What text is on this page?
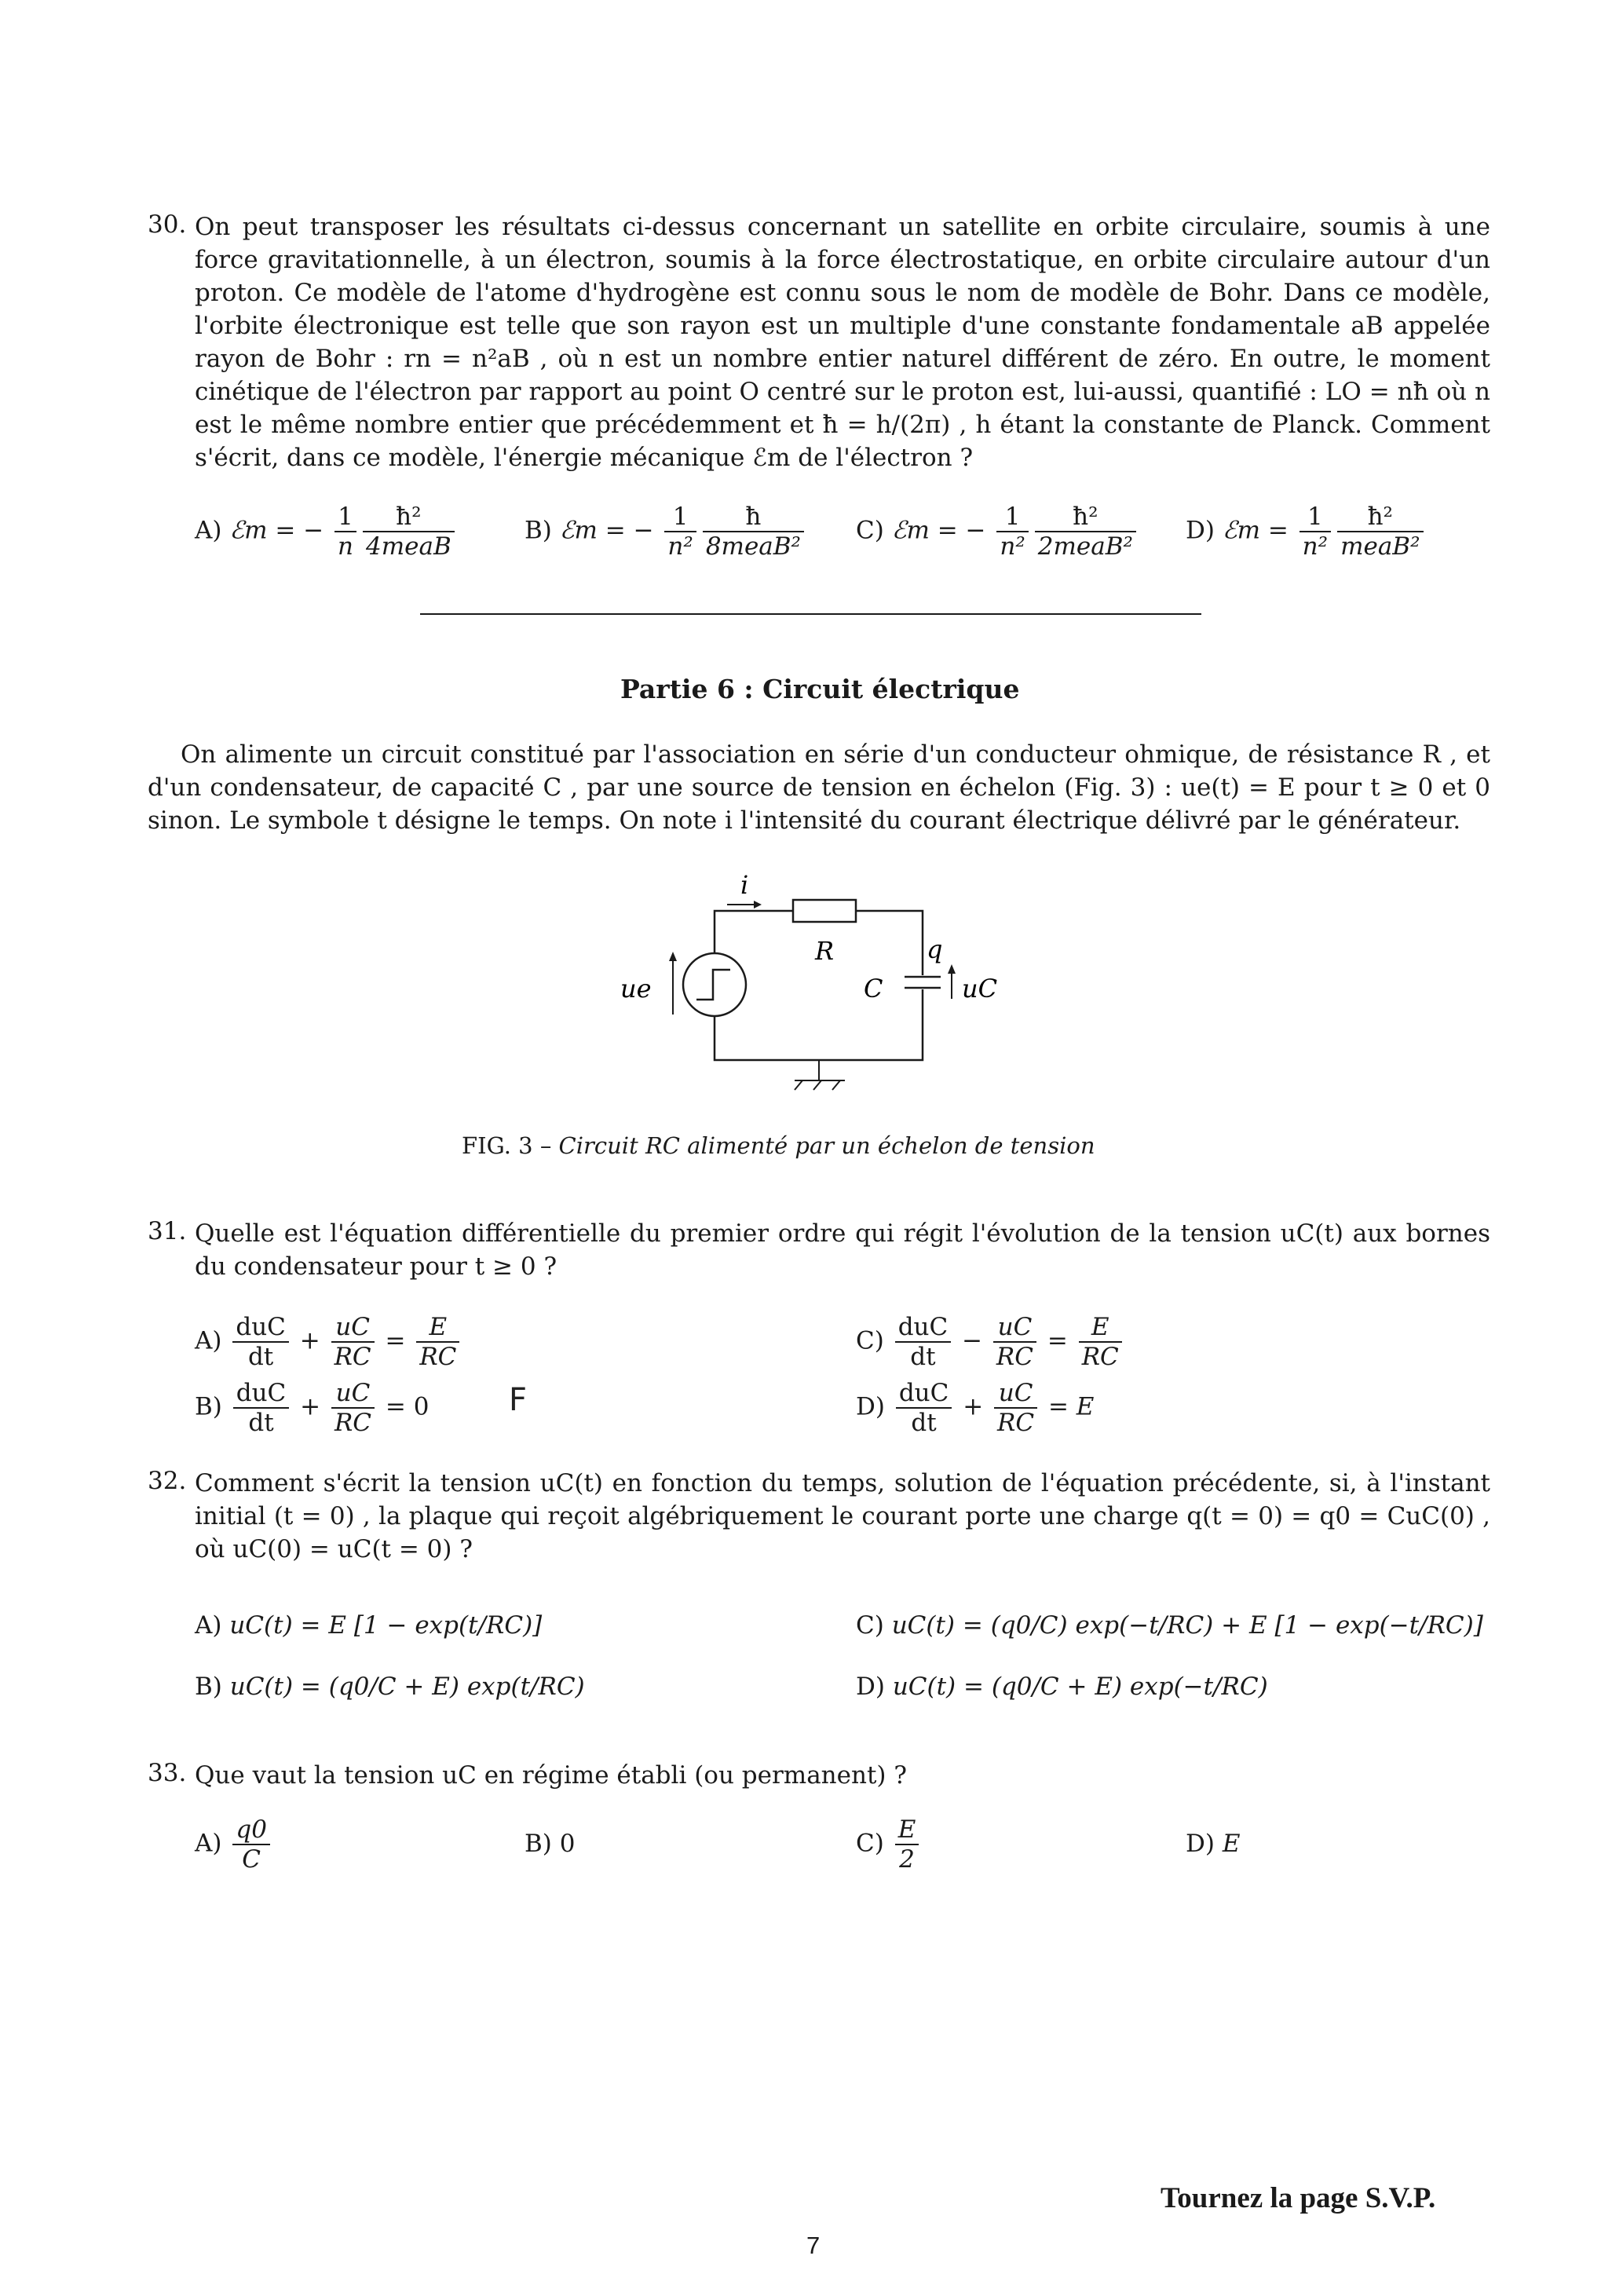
30. On peut transposer les résultats ci-dessus concernant un satellite en orbite circulaire, soumis à une force gravitationnelle, à un électron, soumis à la force électrostatique, en orbite circulaire autour d'un proton. Ce modèle de l'atome d'hydrogène est connu sous le nom de modèle de Bohr. Dans ce modèle, l'orbite électronique est telle que son rayon est un multiple d'une constante fondamentale aB appelée rayon de Bohr : rn = n²aB , où n est un nombre entier naturel différent de zéro. En outre, le moment cinétique de l'électron par rapport au point O centré sur le proton est, lui-aussi, quantifié : LO = nħ où n est le même nombre entier que précédemment et ħ = h/(2π) , h étant la constante de Planck. Comment s'écrit, dans ce modèle, l'énergie mécanique ℰm de l'électron ?
A) ℰm = − $\frac{1}{n} \frac{\text{ħ²}}{\text{4meaB}}$	B) ℰm = − $\frac{1}{\text{n²}} \frac{ħ}{\text{8meaB²}} C$) ℰm = − $\frac{1}{\text{n²}} \frac{\text{ħ²}}{\text{2meaB²}} D$) ℰm = $\frac{1}{\text{n²}} \frac{\text{ħ²}}{\text{meaB²}}$
Partie 6 : Circuit électrique
On alimente un circuit constitué par l'association en série d'un conducteur ohmique, de résistance R , et d'un condensateur, de capacité C , par une source de tension en échelon (Fig. 3) : ue(t) = E pour t ≥ 0 et 0 sinon. Le symbole t désigne le temps. On note i l'intensité du courant électrique délivré par le générateur.
i
R	q
ue	C	uC
FIG. 3 – Circuit RC alimenté par un échelon de tension
31. Quelle est l'équation différentielle du premier ordre qui régit l'évolution de la tension uC(t) aux bornes du condensateur pour t ≥ 0 ?
$A) \frac{\text{duC}}{dt} + \frac{uC}{RC} = \frac{E}{RC}$
$B) \frac{\text{duC}}{dt} + \frac{uC}{RC} = 0$
$C) \frac{\text{duC}}{dt} - \frac{uC}{RC} = \frac{E}{RC}$
$D) \frac{\text{duC}}{dt} + \frac{uC}{RC} = E$
F
32. Comment s'écrit la tension uC(t) en fonction du temps, solution de l'équation précédente, si, à l'instant initial (t = 0) , la plaque qui reçoit algébriquement le courant porte une charge q(t = 0) = q0 = CuC(0) , où uC(0) = uC(t = 0) ?
A) uC(t) = E [1 − exp(t/RC)]
B) uC(t) = (q0/C + E) exp(t/RC)
C) uC(t) = (q0/C) exp(−t/RC) + E [1 − exp(−t/RC)]
D) uC(t) = (q0/C + E) exp(−t/RC)
33. Que vaut la tension uC en régime établi (ou permanent) ?
$A) \frac{q0}{C}$	B) 0	$C) \frac{E}{2}$	D) E
Tournez la page S.V.P.
7
